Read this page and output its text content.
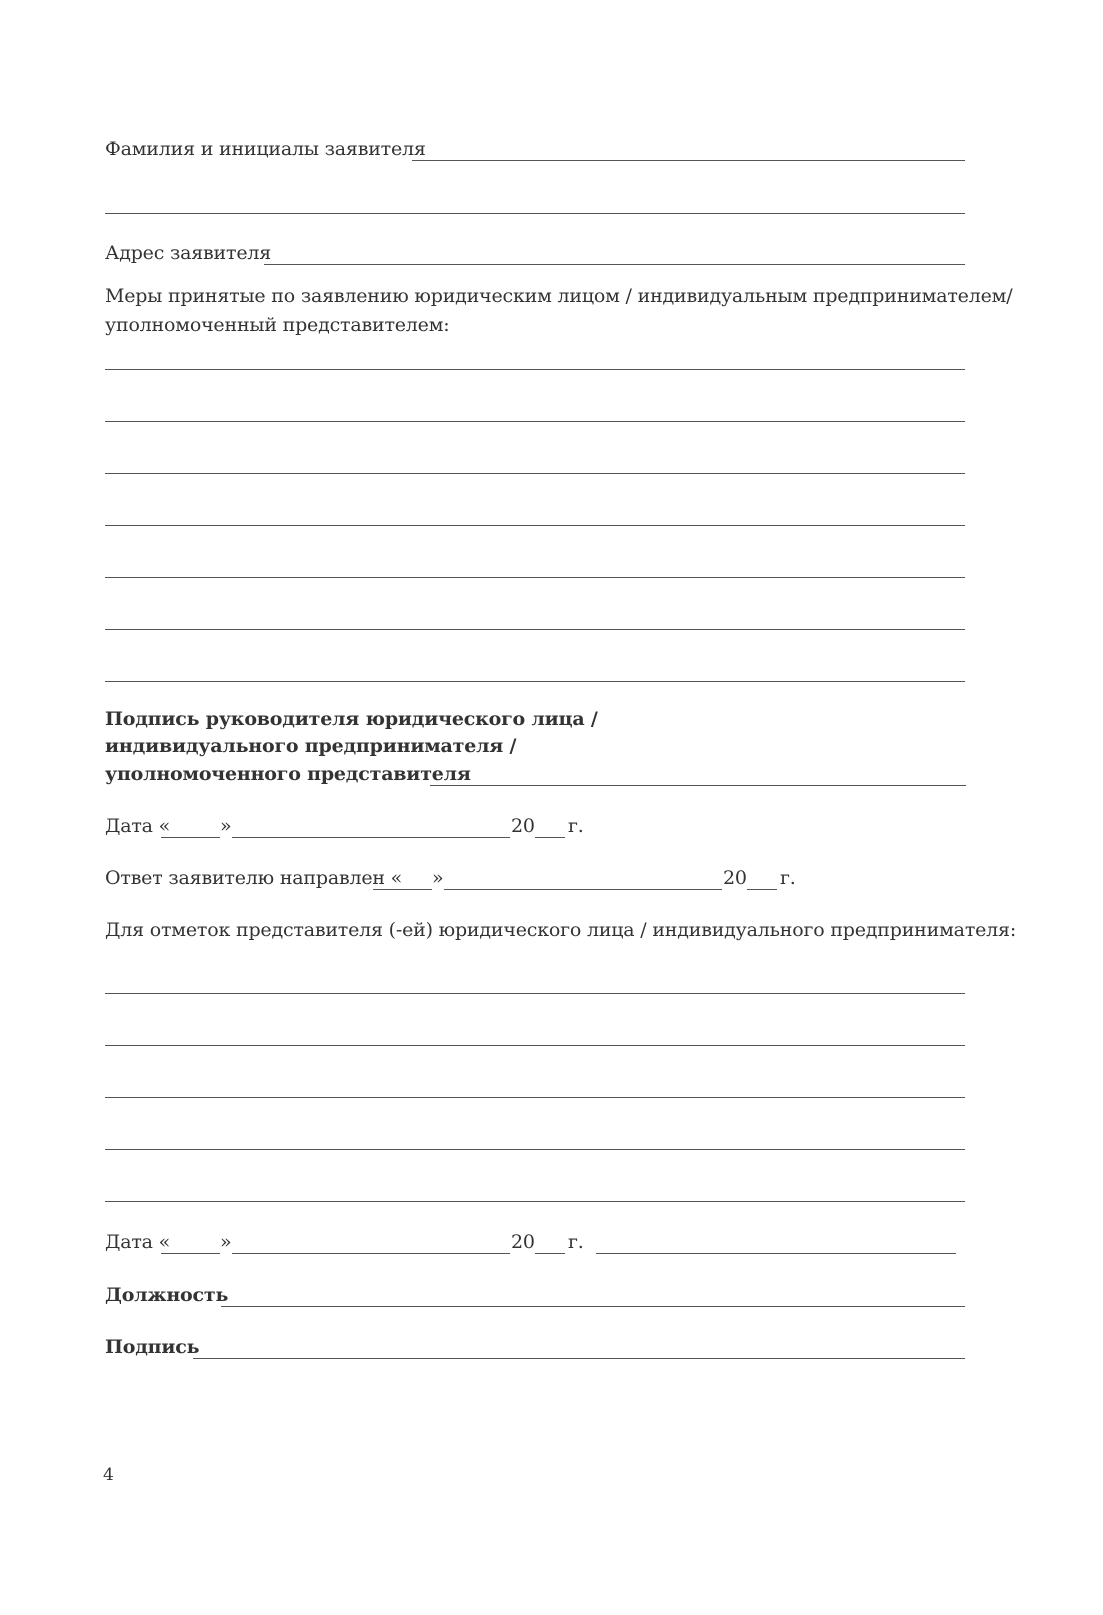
Фамилия и инициалы заявителя
Адрес заявителя
Меры принятые по заявлению юридическим лицом / индивидуальным предпринимателем/
уполномоченный представителем:
Подпись руководителя юридического лица /
индивидуального предпринимателя /
уполномоченного представителя
Дата «	»	20 г.
Ответ заявителю направлен « »	20 г.
Для отметок представителя (-ей) юридического лица / индивидуального предпринимателя:
Дата «	»	20 г.
Должность
Подпись
4
